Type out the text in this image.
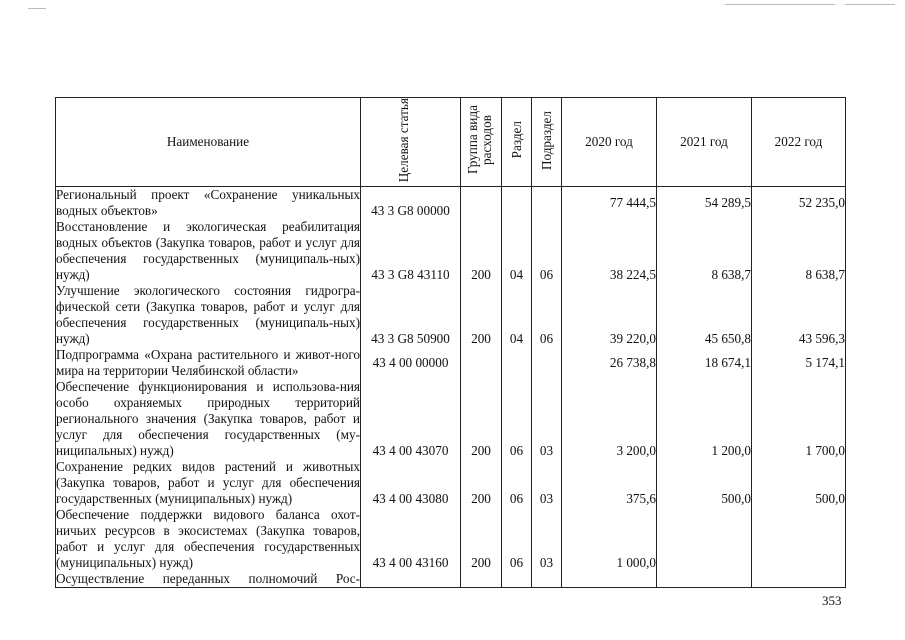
Наименование	Целевая статья	Группа вида расходов	Раздел	Подраздел	2020 год	2021 год	2022 год
Региональный проект «Сохранение уникальных водных объектов»	43 3 G8 00000				77 444,5	54 289,5	52 235,0
Восстановление и экологическая реабилитация водных объектов (Закупка товаров, работ и услуг для обеспечения государственных (муниципаль-ных) нужд)	43 3 G8 43110	200	04	06	38 224,5	8 638,7	8 638,7
Улучшение экологического состояния гидрогра-фической сети (Закупка товаров, работ и услуг для обеспечения государственных (муниципаль-ных) нужд)	43 3 G8 50900	200	04	06	39 220,0	45 650,8	43 596,3
Подпрограмма «Охрана растительного и живот-ного мира на территории Челябинской области»	43 4 00 00000				26 738,8	18 674,1	5 174,1
Обеспечение функционирования и использова-ния особо охраняемых природных территорий регионального значения (Закупка товаров, работ и услуг для обеспечения государственных (му-ниципальных) нужд)	43 4 00 43070	200	06	03	3 200,0	1 200,0	1 700,0
Сохранение редких видов растений и животных (Закупка товаров, работ и услуг для обеспечения государственных (муниципальных) нужд)	43 4 00 43080	200	06	03	375,6	500,0	500,0
Обеспечение поддержки видового баланса охот-ничьих ресурсов в экосистемах (Закупка товаров, работ и услуг для обеспечения государственных (муниципальных) нужд)	43 4 00 43160	200	06	03	1 000,0		
Осуществление переданных полномочий Рос-							
353
